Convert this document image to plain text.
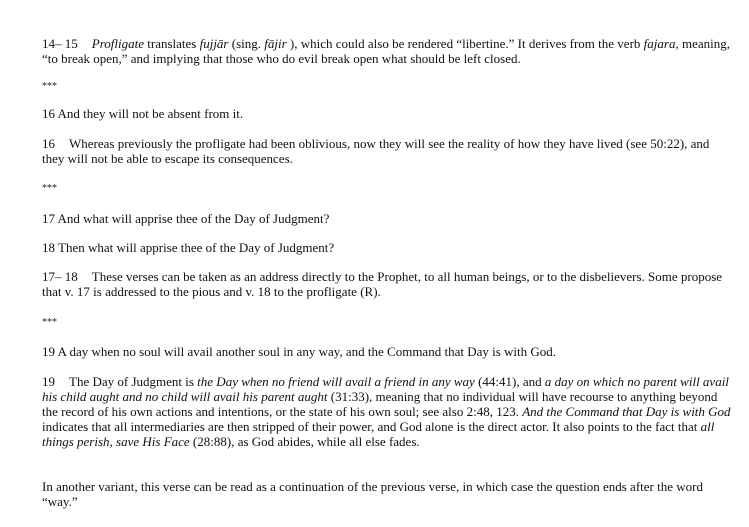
14– 15 Profligate translates fujjār (sing. fājir ), which could also be rendered “libertine.” It derives from the verb fajara, meaning, “to break open,” and implying that those who do evil break open what should be left closed.

***

16 And they will not be absent from it.

16 Whereas previously the profligate had been oblivious, now they will see the reality of how they have lived (see 50:22), and they will not be able to escape its consequences.

***

17 And what will apprise thee of the Day of Judgment?

18 Then what will apprise thee of the Day of Judgment?

17– 18 These verses can be taken as an address directly to the Prophet, to all human beings, or to the disbelievers. Some propose that v. 17 is addressed to the pious and v. 18 to the profligate (R).

***

19 A day when no soul will avail another soul in any way, and the Command that Day is with God.

19 The Day of Judgment is the Day when no friend will avail a friend in any way (44:41), and a day on which no parent will avail his child aught and no child will avail his parent aught (31:33), meaning that no individual will have recourse to anything beyond the record of his own actions and intentions, or the state of his own soul; see also 2:48, 123. And the Command that Day is with God indicates that all intermediaries are then stripped of their power, and God alone is the direct actor. It also points to the fact that all things perish, save His Face (28:88), as God abides, while all else fades.

In another variant, this verse can be read as a continuation of the previous verse, in which case the question ends after the word “way.”
